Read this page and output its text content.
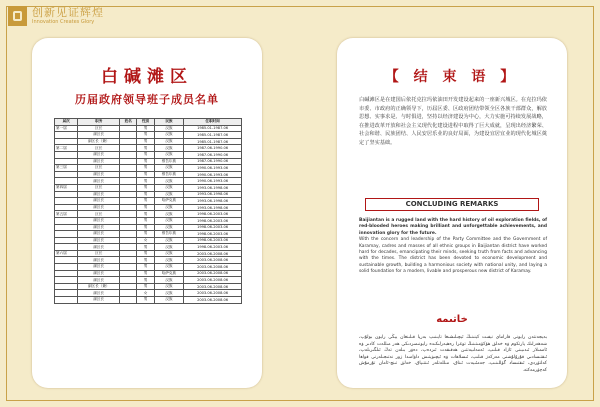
创新见证辉煌
Innovation Creates Glory
白碱滩区
历届政府领导班子成员名单
届次	职务	姓名	性别	民族	任职时间
第一届	区长		男	汉族	1985.01-1987.06
	副区长		男	汉族	1985.01-1987.06
	副区长（兼）		男	汉族	1985.01-1987.06
第二届	区长		男	汉族	1987.06-1990.06
	副区长		男	汉族	1987.06-1990.06
	副区长		男	维吾尔族	1987.06-1990.06
第三届	区长		男	汉族	1990.06-1993.06
	副区长		男	维吾尔族	1990.06-1993.06
	副区长		男	汉族	1990.06-1993.06
第四届	区长		男	汉族	1993.06-1998.06
	副区长		男	汉族	1993.06-1998.06
	副区长		男	哈萨克族	1993.06-1998.06
	副区长		男	汉族	1993.06-1998.06
第五届	区长		男	汉族	1998.06-2003.06
	副区长		男	汉族	1998.06-2003.06
	副区长		男	汉族	1998.06-2003.06
	副区长		男	维吾尔族	1998.06-2003.06
	副区长		女	汉族	1998.06-2003.06
	副区长		男	汉族	1998.06-2003.06
第六届	区长		男	汉族	2003.06-2008.06
	副区长		男	汉族	2003.06-2008.06
	副区长		男	汉族	2003.06-2008.06
	副区长		男	哈萨克族	2003.06-2008.06
	副区长		男	汉族	2003.06-2008.06
	副区长（兼）		男	汉族	2003.06-2008.06
	副区长		女	汉族	2003.06-2008.06
	副区长		男	汉族	2003.06-2008.06
【 结 束 语 】
白碱滩区是在建国后依托克拉玛依油田开发建设起来的一座新兴城区。在克拉玛依市委、市政府的正确领导下，历届区委、区政府团结带领全区各族干部群众，解放思想、实事求是、与时俱进，坚持以经济建设为中心，大力实施可持续发展战略，在推进改革开放和社会主义现代化建设进程中取得了巨大成就，呈现出经济繁荣、社会和谐、民族团结、人民安居乐业的良好局面，为建设宜居宜业的现代化城区奠定了坚实基础。
CONCLUDING REMARKS
Baijiantan is a rugged land with the hard history of oil exploration fields, of red-blooded heroes making brilliant and unforgettable achievements, and innovation glory for the future.
With the concern and leadership of the Party Committee and the Government of Karamay, cadres and masses of all ethnic groups in Baijiantan district have worked hard for decades, emancipating their minds, seeking truth from facts and advancing with the times. The district has been devoted to economic development and sustainable growth, building a harmonious society with national unity, and laying a solid foundation for a modern, livable and prosperous new district of Karamay.
خاتىمە
بەيجەنتەن رايونى قاراماي نېفىت كېنىنىڭ ئېچىلىشىغا تايىنىپ بەرپا قىلىنغان يېڭى رايون بولۇپ، شەھەرلىك پارتكوم ۋە خەلق ھۆكۈمىتىنىڭ توغرا رەھبەرلىكىدە رايونىمىزدىكى ھەر مىللەت كادىر ۋە ئاممىلار ئىدىيىنى ئازاد قىلىپ، ئەمەلىيەتتىن ھەقىقەت ئىزدەپ، دەۋر بىلەن تەڭ ئىلگىرىلەپ، ئىقتىسادىي قۇرۇلۇشنى مەركەز قىلىپ، ئىسلاھات ۋە ئېچىۋېتىش داۋامىدا زور نەتىجىلەرنى قولغا كەلتۈردى، ئىقتىساد گۈللىنىپ، جەمئىيەت ئىناق، مىللەتلەر ئىتتىپاق، خەلق تىنچ-ئامان تۇرمۇش كەچۈرمەكتە.
